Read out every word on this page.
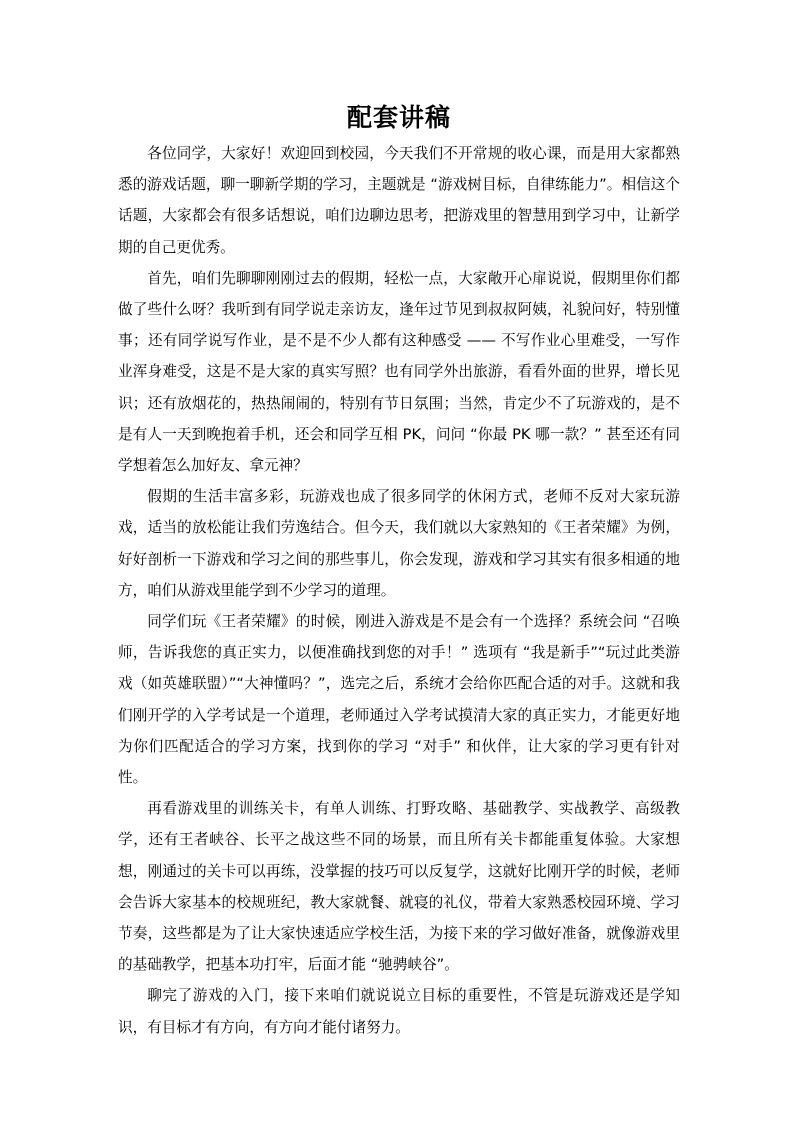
配套讲稿

各位同学，大家好！欢迎回到校园，今天我们不开常规的收心课，而是用大家都熟悉的游戏话题，聊一聊新学期的学习，主题就是 “游戏树目标，自律练能力”。相信这个话题，大家都会有很多话想说，咱们边聊边思考，把游戏里的智慧用到学习中，让新学期的自己更优秀。

首先，咱们先聊聊刚刚过去的假期，轻松一点，大家敞开心扉说说，假期里你们都做了些什么呀？我听到有同学说走亲访友，逢年过节见到叔叔阿姨，礼貌问好，特别懂事；还有同学说写作业，是不是不少人都有这种感受 —— 不写作业心里难受，一写作业浑身难受，这是不是大家的真实写照？也有同学外出旅游，看看外面的世界，增长见识；还有放烟花的，热热闹闹的，特别有节日氛围；当然，肯定少不了玩游戏的，是不是有人一天到晚抱着手机，还会和同学互相 PK，问问 “你最 PK 哪一款？” 甚至还有同学想着怎么加好友、拿元神？

假期的生活丰富多彩，玩游戏也成了很多同学的休闲方式，老师不反对大家玩游戏，适当的放松能让我们劳逸结合。但今天，我们就以大家熟知的《王者荣耀》为例，好好剖析一下游戏和学习之间的那些事儿，你会发现，游戏和学习其实有很多相通的地方，咱们从游戏里能学到不少学习的道理。

同学们玩《王者荣耀》的时候，刚进入游戏是不是会有一个选择？系统会问 “召唤师，告诉我您的真正实力，以便准确找到您的对手！” 选项有 “我是新手”“玩过此类游戏（如英雄联盟）”“大神懂吗？”，选完之后，系统才会给你匹配合适的对手。这就和我们刚开学的入学考试是一个道理，老师通过入学考试摸清大家的真正实力，才能更好地为你们匹配适合的学习方案，找到你的学习 “对手” 和伙伴，让大家的学习更有针对性。

再看游戏里的训练关卡，有单人训练、打野攻略、基础教学、实战教学、高级教学，还有王者峡谷、长平之战这些不同的场景，而且所有关卡都能重复体验。大家想想，刚通过的关卡可以再练，没掌握的技巧可以反复学，这就好比刚开学的时候，老师会告诉大家基本的校规班纪，教大家就餐、就寝的礼仪，带着大家熟悉校园环境、学习节奏，这些都是为了让大家快速适应学校生活，为接下来的学习做好准备，就像游戏里的基础教学，把基本功打牢，后面才能 “驰骋峡谷”。

聊完了游戏的入门，接下来咱们就说说立目标的重要性，不管是玩游戏还是学知识，有目标才有方向，有方向才能付诸努力。
